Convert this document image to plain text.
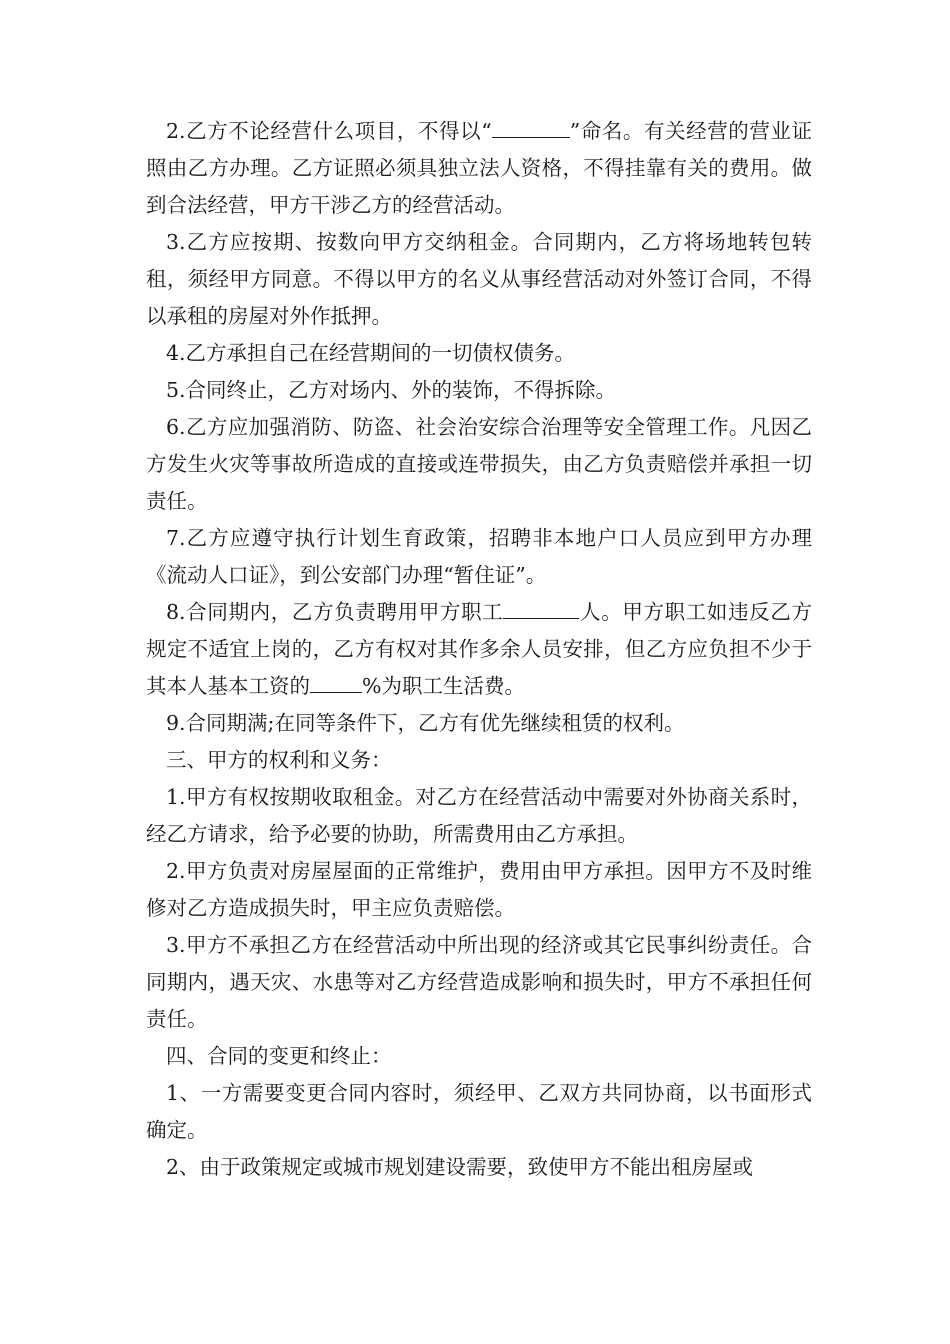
2.乙方不论经营什么项目，不得以“	”命名。有关经营的营业证照由乙方办理。乙方证照必须具独立法人资格，不得挂靠有关的费用。做到合法经营，甲方干涉乙方的经营活动。

3.乙方应按期、按数向甲方交纳租金。合同期内，乙方将场地转包转租，须经甲方同意。不得以甲方的名义从事经营活动对外签订合同，不得以承租的房屋对外作抵押。

4.乙方承担自己在经营期间的一切债权债务。

5.合同终止，乙方对场内、外的装饰，不得拆除。

6.乙方应加强消防、防盗、社会治安综合治理等安全管理工作。凡因乙方发生火灾等事故所造成的直接或连带损失，由乙方负责赔偿并承担一切责任。

7.乙方应遵守执行计划生育政策，招聘非本地户口人员应到甲方办理《流动人口证》，到公安部门办理“暂住证”。

8.合同期内，乙方负责聘用甲方职工	人。甲方职工如违反乙方规定不适宜上岗的，乙方有权对其作多余人员安排，但乙方应负担不少于其本人基本工资的	%为职工生活费。

9.合同期满;在同等条件下，乙方有优先继续租赁的权利。

三、甲方的权利和义务：

1.甲方有权按期收取租金。对乙方在经营活动中需要对外协商关系时，经乙方请求，给予必要的协助，所需费用由乙方承担。

2.甲方负责对房屋屋面的正常维护，费用由甲方承担。因甲方不及时维修对乙方造成损失时，甲主应负责赔偿。

3.甲方不承担乙方在经营活动中所出现的经济或其它民事纠纷责任。合同期内，遇天灾、水患等对乙方经营造成影响和损失时，甲方不承担任何责任。

四、合同的变更和终止：

1、一方需要变更合同内容时，须经甲、乙双方共同协商，以书面形式确定。

2、由于政策规定或城市规划建设需要，致使甲方不能出租房屋或
